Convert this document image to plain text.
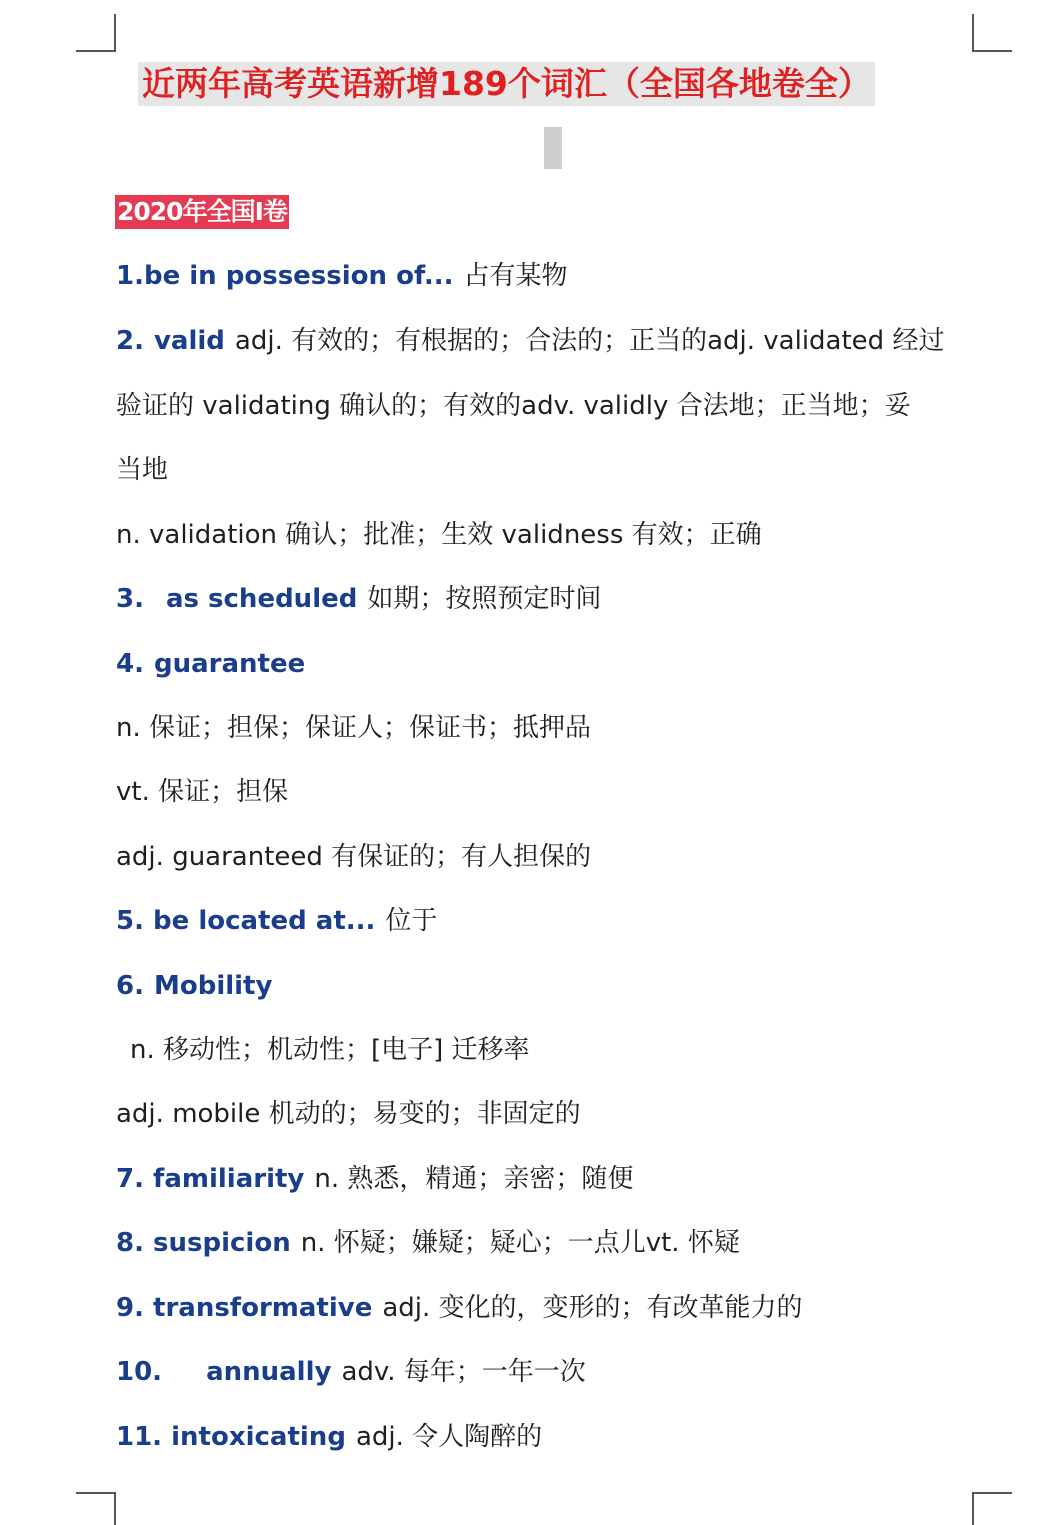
近两年高考英语新增189个词汇（全国各地卷全）
2020年全国Ⅰ卷
1.be in possession of... 占有某物
2. valid adj. 有效的；有根据的；合法的；正当的adj. validated 经过
验证的 validating 确认的；有效的adv. validly 合法地；正当地；妥
当地
n. validation 确认；批准；生效 validness 有效；正确
3. as scheduled 如期；按照预定时间
4. guarantee
n. 保证；担保；保证人；保证书；抵押品
vt. 保证；担保
adj. guaranteed 有保证的；有人担保的
5. be located at... 位于
6. Mobility
n. 移动性；机动性；[电子] 迁移率
adj. mobile 机动的；易变的；非固定的
7. familiarity n. 熟悉，精通；亲密；随便
8. suspicion n. 怀疑；嫌疑；疑心；一点儿vt. 怀疑
9. transformative adj. 变化的，变形的；有改革能力的
10. annually adv. 每年；一年一次
11. intoxicating adj. 令人陶醉的
